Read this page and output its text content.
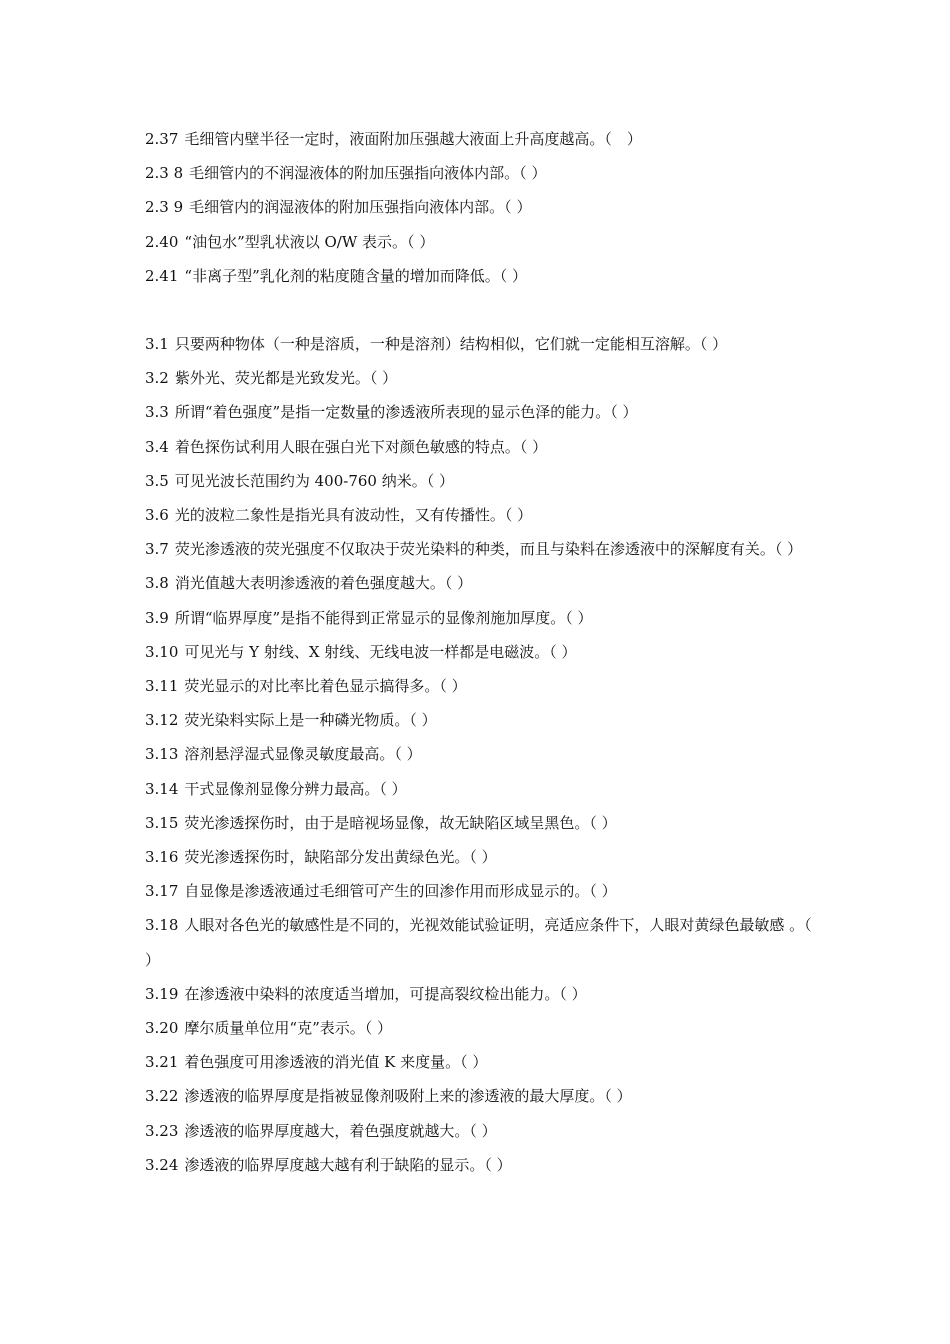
2.37 毛细管内壁半径一定时，液面附加压强越大液面上升高度越高。（　）
2.3 8 毛细管内的不润湿液体的附加压强指向液体内部。（ ）
2.3 9 毛细管内的润湿液体的附加压强指向液体内部。（ ）
2.40 “油包水”型乳状液以 O/W 表示。（ ）
2.41 “非离子型”乳化剂的粘度随含量的增加而降低。（ ）
3.1 只要两种物体（一种是溶质，一种是溶剂）结构相似，它们就一定能相互溶解。（ ）
3.2 紫外光、荧光都是光致发光。（ ）
3.3 所谓“着色强度”是指一定数量的渗透液所表现的显示色泽的能力。（ ）
3.4 着色探伤试利用人眼在强白光下对颜色敏感的特点。（ ）
3.5 可见光波长范围约为 400-760 纳米。（ ）
3.6 光的波粒二象性是指光具有波动性，又有传播性。（ ）
3.7 荧光渗透液的荧光强度不仅取决于荧光染料的种类，而且与染料在渗透液中的深解度有关。（ ）
3.8 消光值越大表明渗透液的着色强度越大。（ ）
3.9 所谓“临界厚度”是指不能得到正常显示的显像剂施加厚度。（ ）
3.10 可见光与 Y 射线、X 射线、无线电波一样都是电磁波。（ ）
3.11 荧光显示的对比率比着色显示搞得多。（ ）
3.12 荧光染料实际上是一种磷光物质。（ ）
3.13 溶剂悬浮湿式显像灵敏度最高。（ ）
3.14 干式显像剂显像分辨力最高。（ ）
3.15 荧光渗透探伤时，由于是暗视场显像，故无缺陷区域呈黑色。（ ）
3.16 荧光渗透探伤时，缺陷部分发出黄绿色光。（ ）
3.17 自显像是渗透液通过毛细管可产生的回渗作用而形成显示的。（ ）
3.18 人眼对各色光的敏感性是不同的，光视效能试验证明，亮适应条件下，人眼对黄绿色最敏感 。（ ）
3.19 在渗透液中染料的浓度适当增加，可提高裂纹检出能力。（ ）
3.20 摩尔质量单位用“克”表示。（ ）
3.21 着色强度可用渗透液的消光值 K 来度量。（ ）
3.22 渗透液的临界厚度是指被显像剂吸附上来的渗透液的最大厚度。（ ）
3.23 渗透液的临界厚度越大，着色强度就越大。（ ）
3.24 渗透液的临界厚度越大越有利于缺陷的显示。（ ）
